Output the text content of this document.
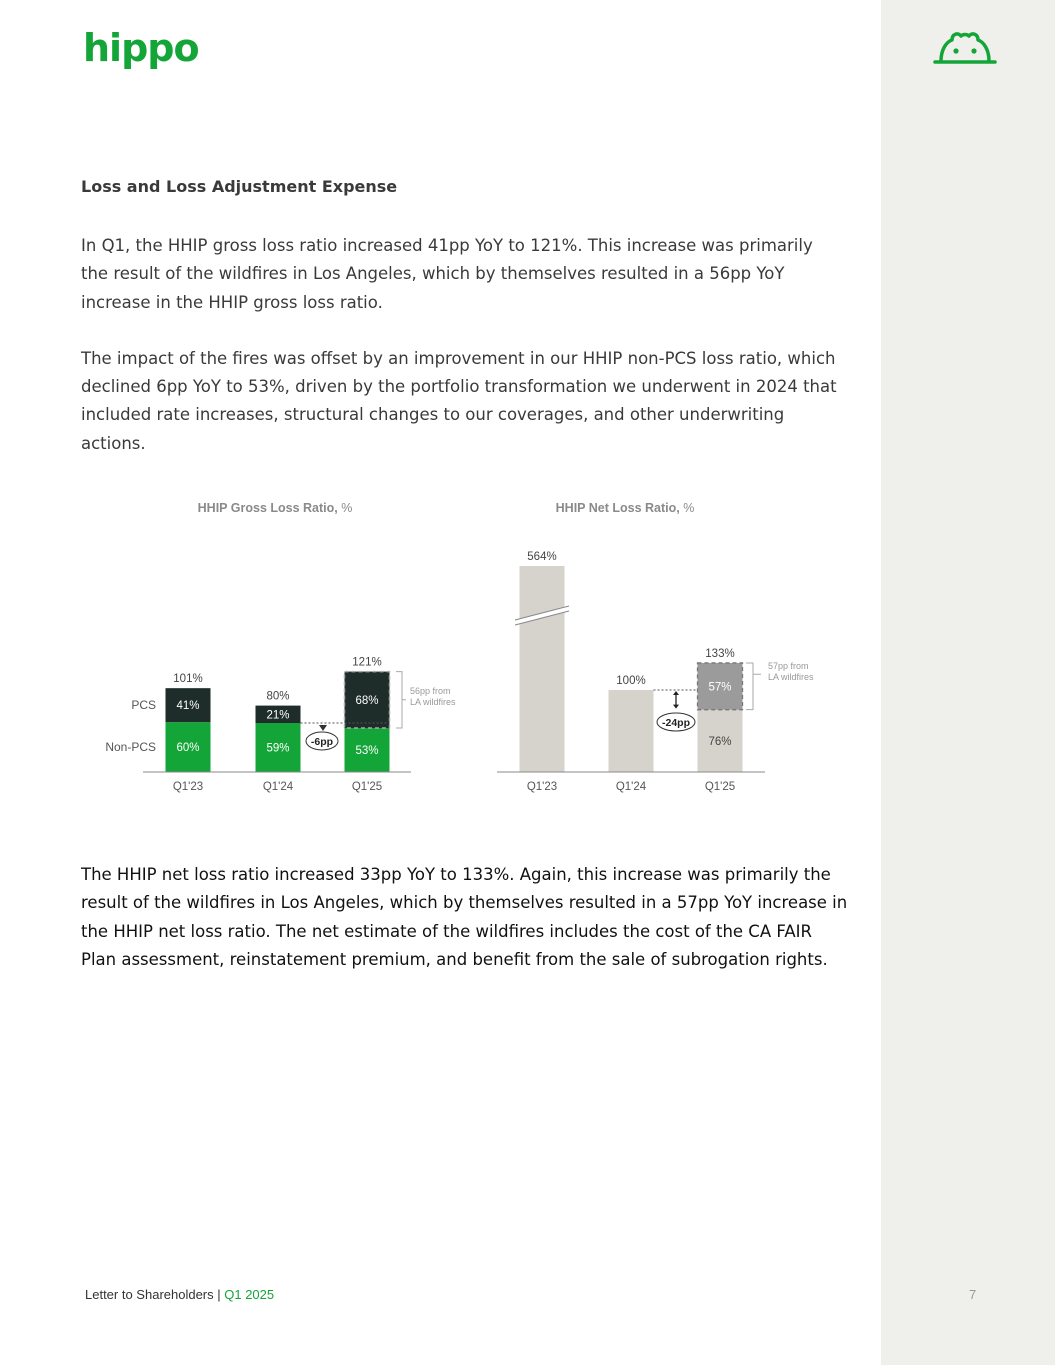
hippo

Loss and Loss Adjustment Expense

In Q1, the HHIP gross loss ratio increased 41pp YoY to 121%. This increase was primarily the result of the wildfires in Los Angeles, which by themselves resulted in a 56pp YoY increase in the HHIP gross loss ratio.

The impact of the fires was offset by an improvement in our HHIP non-PCS loss ratio, which declined 6pp YoY to 53%, driven by the portfolio transformation we underwent in 2024 that included rate increases, structural changes to our coverages, and other underwriting actions.

HHIP Gross Loss Ratio, %
PCS
Non-PCS 60%
41%
101%
Q1'23
59%
21%
80%
Q1'24
53%
68%
121%
Q1'25
-6pp
56pp from
LA wildfires
HHIP Net Loss Ratio, %
564%
100%
76%
57%
133%
Q1'23	Q1'24	Q1'25
-24pp
57pp from
LA wildfires

The HHIP net loss ratio increased 33pp YoY to 133%. Again, this increase was primarily the result of the wildfires in Los Angeles, which by themselves resulted in a 57pp YoY increase in the HHIP net loss ratio. The net estimate of the wildfires includes the cost of the CA FAIR Plan assessment, reinstatement premium, and benefit from the sale of subrogation rights.

Letter to Shareholders | Q1 2025	7
